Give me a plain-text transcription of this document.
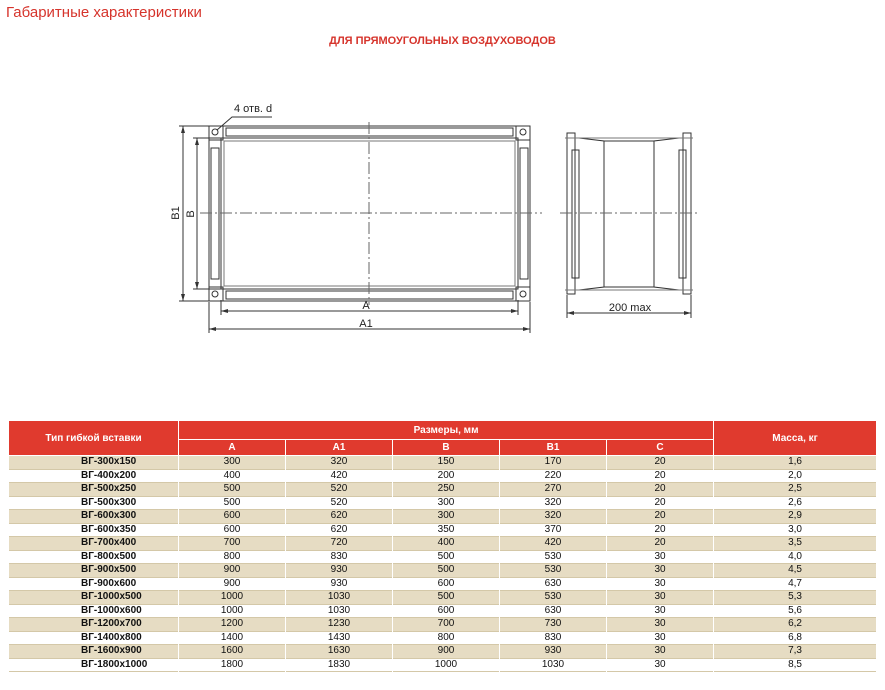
Габаритные характеристики
ДЛЯ ПРЯМОУГОЛЬНЫХ ВОЗДУХОВОДОВ
4 отв. d
A
A1
B
B1
200 max
Тип гибкой вставки	Размеры, мм					Масса, кг
	A	A1	B	B1	C	
ВГ-300х150	300	320	150	170	20	1,6
ВГ-400х200	400	420	200	220	20	2,0
ВГ-500х250	500	520	250	270	20	2,5
ВГ-500х300	500	520	300	320	20	2,6
ВГ-600х300	600	620	300	320	20	2,9
ВГ-600х350	600	620	350	370	20	3,0
ВГ-700х400	700	720	400	420	20	3,5
ВГ-800х500	800	830	500	530	30	4,0
ВГ-900х500	900	930	500	530	30	4,5
ВГ-900х600	900	930	600	630	30	4,7
ВГ-1000х500	1000	1030	500	530	30	5,3
ВГ-1000х600	1000	1030	600	630	30	5,6
ВГ-1200х700	1200	1230	700	730	30	6,2
ВГ-1400х800	1400	1430	800	830	30	6,8
ВГ-1600х900	1600	1630	900	930	30	7,3
ВГ-1800х1000	1800	1830	1000	1030	30	8,5
